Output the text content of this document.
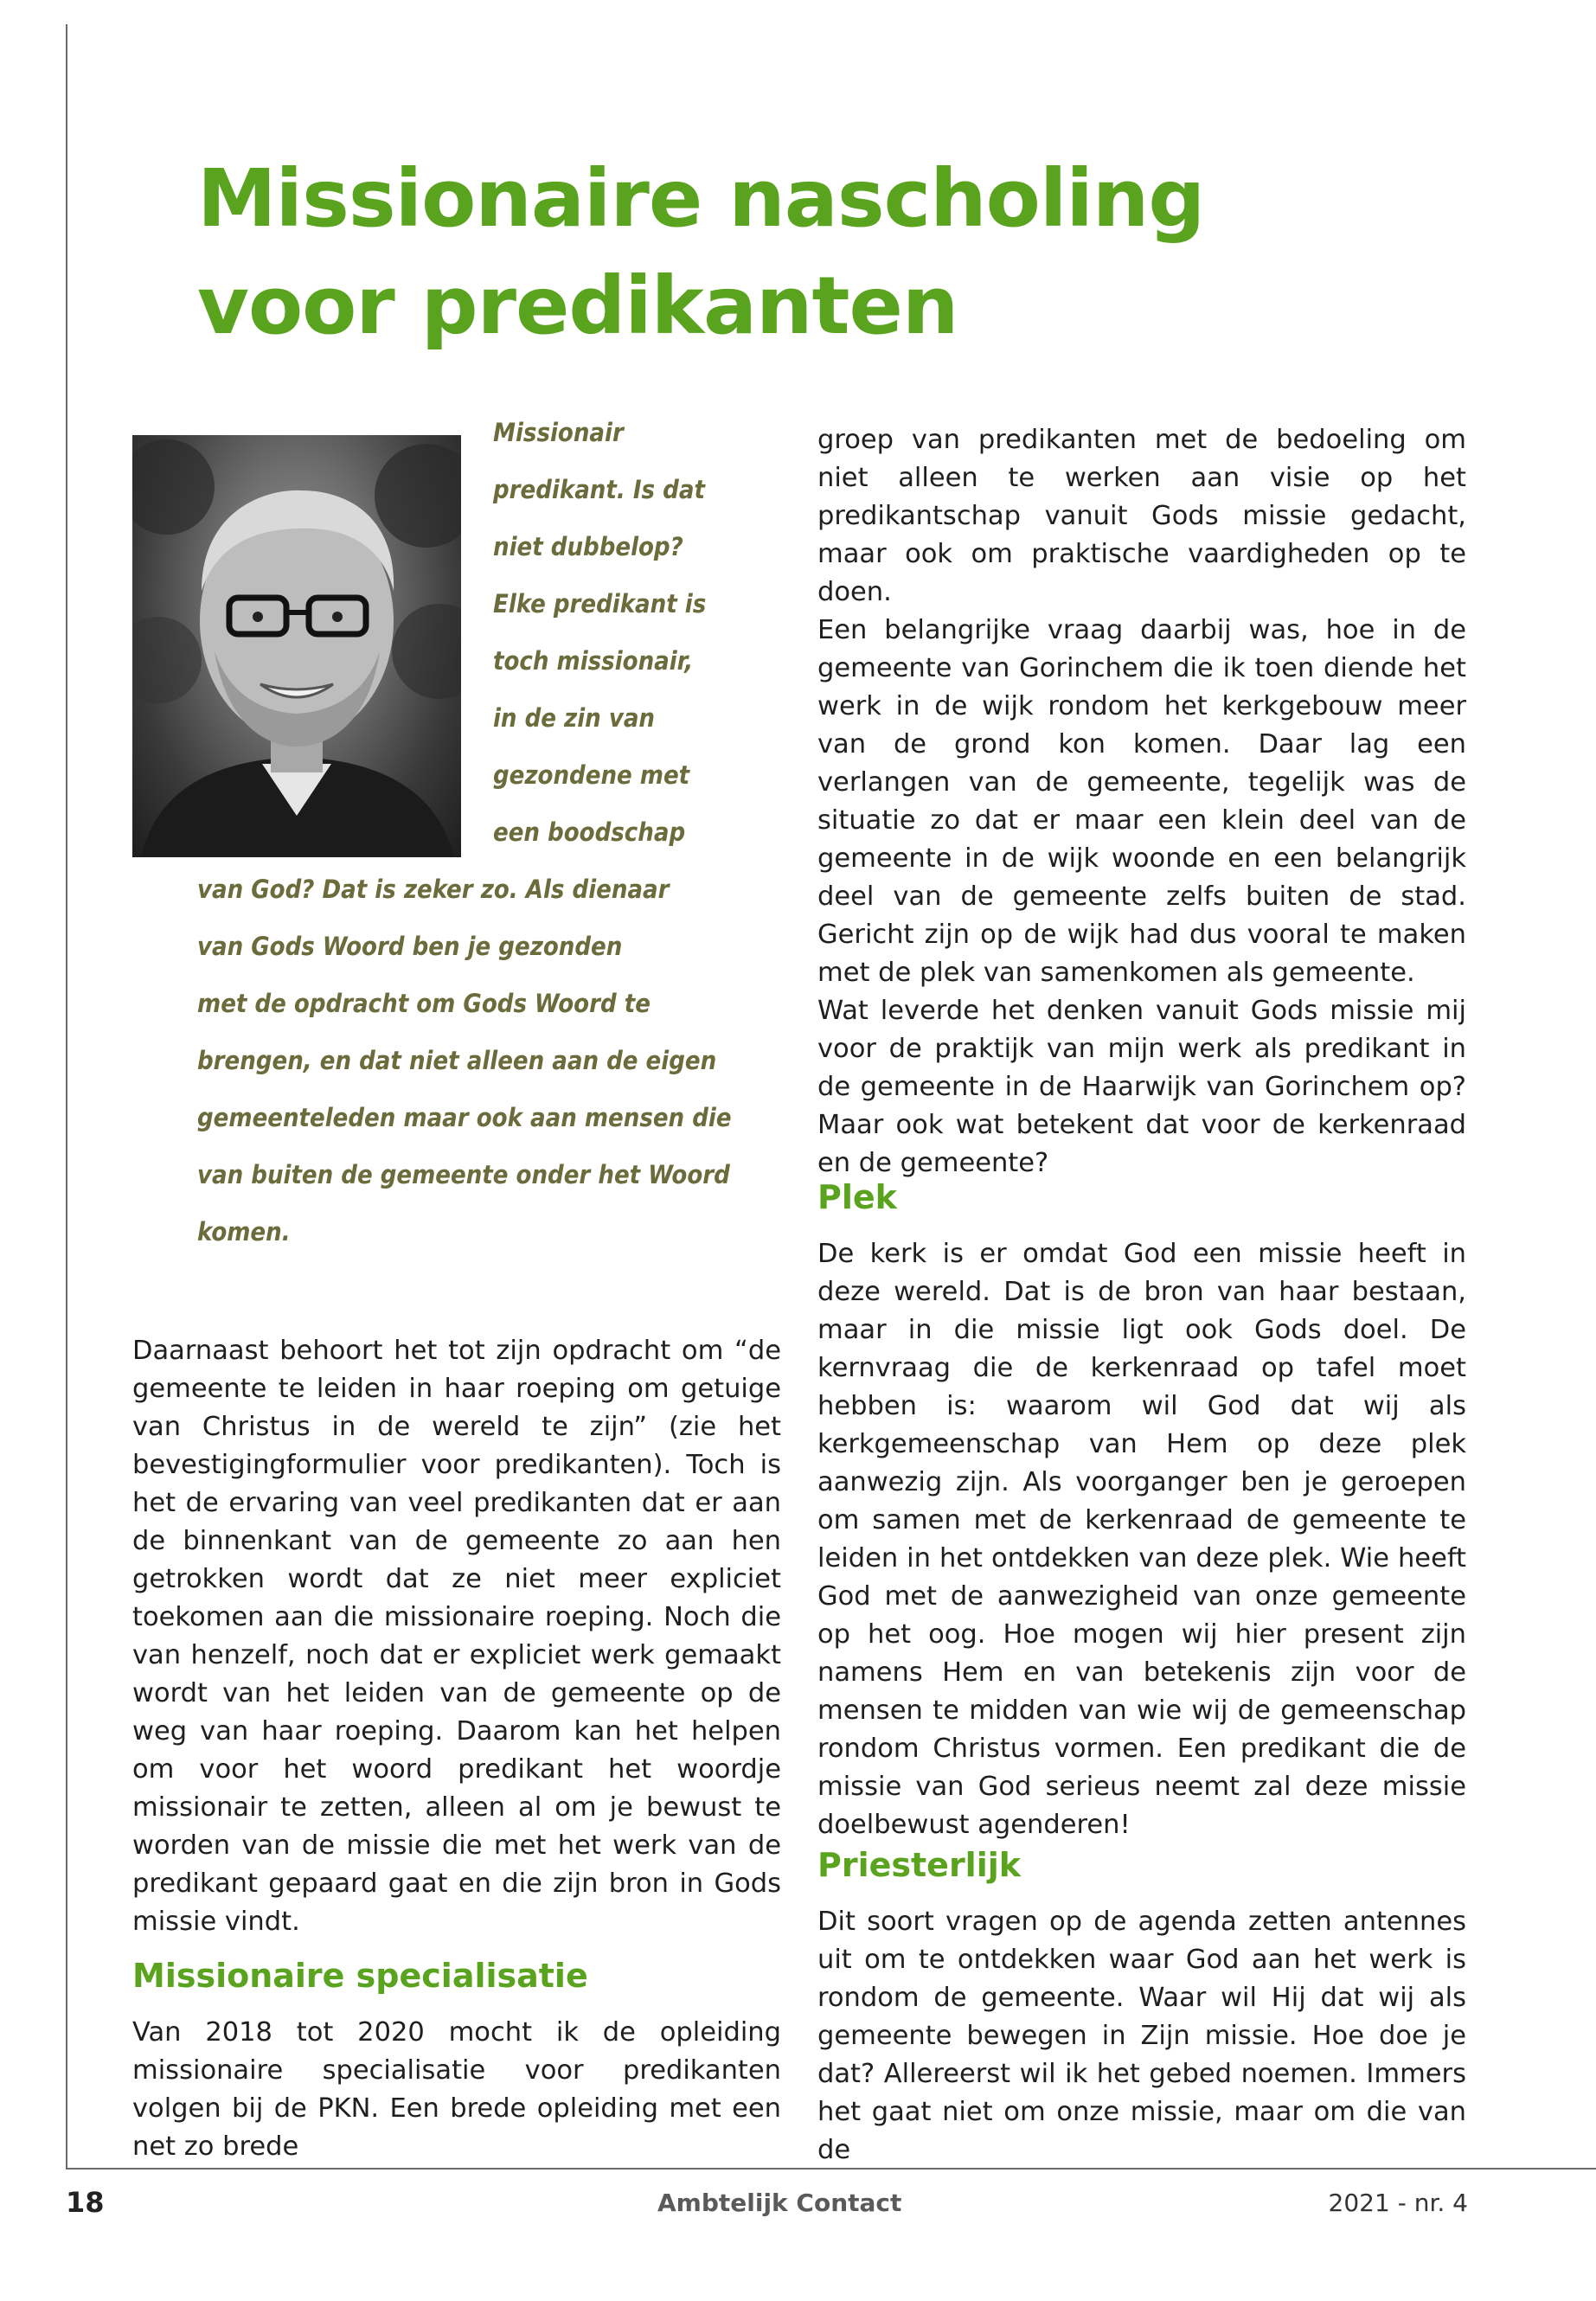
Missionaire nascholing
voor predikanten
Missionair
predikant. Is dat
niet dubbelop?
Elke predikant is
toch missionair,
in de zin van
gezondene met
een boodschap
van God? Dat is zeker zo. Als dienaar
van Gods Woord ben je gezonden
met de opdracht om Gods Woord te
brengen, en dat niet alleen aan de eigen
gemeenteleden maar ook aan mensen die
van buiten de gemeente onder het Woord
komen.

Daarnaast behoort het tot zijn opdracht om “de gemeente te leiden in haar roeping om getuige van Christus in de wereld te zijn” (zie het bevestigingformulier voor predikanten). Toch is het de ervaring van veel predikanten dat er aan de binnenkant van de gemeente zo aan hen getrokken wordt dat ze niet meer expliciet toekomen aan die missionaire roeping. Noch die van henzelf, noch dat er expliciet werk gemaakt wordt van het leiden van de gemeente op de weg van haar roeping. Daarom kan het helpen om voor het woord predikant het woordje missionair te zetten, alleen al om je bewust te worden van de missie die met het werk van de predikant gepaard gaat en die zijn bron in Gods missie vindt.

Missionaire specialisatie

Van 2018 tot 2020 mocht ik de opleiding missionaire specialisatie voor predikanten volgen bij de PKN. Een brede opleiding met een net zo brede

groep van predikanten met de bedoeling om niet alleen te werken aan visie op het predikantschap vanuit Gods missie gedacht, maar ook om praktische vaardigheden op te doen.

Een belangrijke vraag daarbij was, hoe in de gemeente van Gorinchem die ik toen diende het werk in de wijk rondom het kerkgebouw meer van de grond kon komen. Daar lag een verlangen van de gemeente, tegelijk was de situatie zo dat er maar een klein deel van de gemeente in de wijk woonde en een belangrijk deel van de gemeente zelfs buiten de stad. Gericht zijn op de wijk had dus vooral te maken met de plek van samenkomen als gemeente.

Wat leverde het denken vanuit Gods missie mij voor de praktijk van mijn werk als predikant in de gemeente in de Haarwijk van Gorinchem op? Maar ook wat betekent dat voor de kerkenraad en de gemeente?

Plek

De kerk is er omdat God een missie heeft in deze wereld. Dat is de bron van haar bestaan, maar in die missie ligt ook Gods doel. De kernvraag die de kerkenraad op tafel moet hebben is: waarom wil God dat wij als kerkgemeenschap van Hem op deze plek aanwezig zijn. Als voorganger ben je geroepen om samen met de kerkenraad de gemeente te leiden in het ontdekken van deze plek. Wie heeft God met de aanwezigheid van onze gemeente op het oog. Hoe mogen wij hier present zijn namens Hem en van betekenis zijn voor de mensen te midden van wie wij de gemeenschap rondom Christus vormen. Een predikant die de missie van God serieus neemt zal deze missie doelbewust agenderen!

Priesterlijk

Dit soort vragen op de agenda zetten antennes uit om te ontdekken waar God aan het werk is rondom de gemeente. Waar wil Hij dat wij als gemeente bewegen in Zijn missie. Hoe doe je dat? Allereerst wil ik het gebed noemen. Immers het gaat niet om onze missie, maar om die van de

18	Ambtelijk Contact	2021 - nr. 4
